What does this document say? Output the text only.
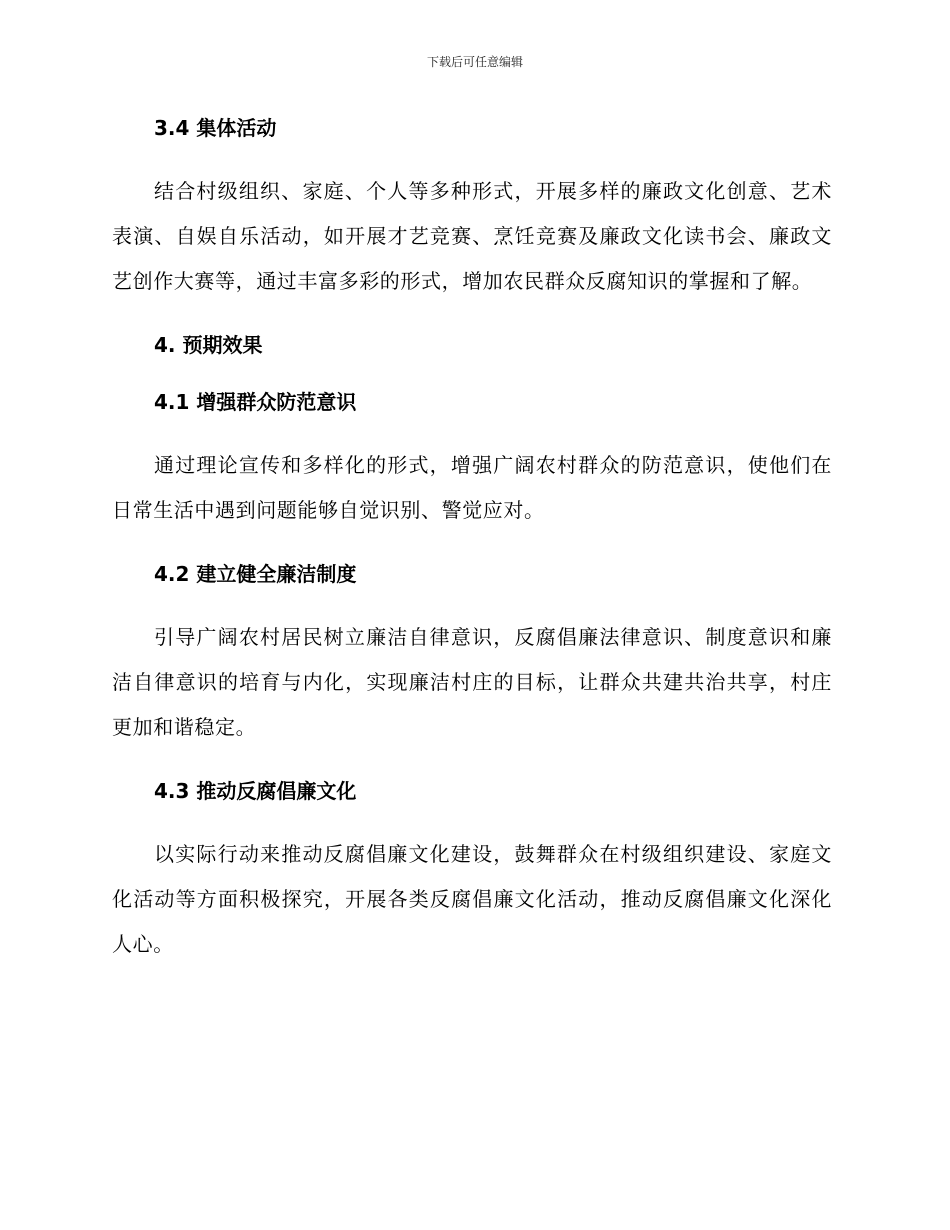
下载后可任意编辑
3.4 集体活动

结合村级组织、家庭、个人等多种形式，开展多样的廉政文化创意、艺术表演、自娱自乐活动，如开展才艺竞赛、烹饪竞赛及廉政文化读书会、廉政文艺创作大赛等，通过丰富多彩的形式，增加农民群众反腐知识的掌握和了解。

4. 预期效果
4.1 增强群众防范意识

通过理论宣传和多样化的形式，增强广阔农村群众的防范意识，使他们在日常生活中遇到问题能够自觉识别、警觉应对。

4.2 建立健全廉洁制度

引导广阔农村居民树立廉洁自律意识，反腐倡廉法律意识、制度意识和廉洁自律意识的培育与内化，实现廉洁村庄的目标，让群众共建共治共享，村庄更加和谐稳定。

4.3 推动反腐倡廉文化

以实际行动来推动反腐倡廉文化建设，鼓舞群众在村级组织建设、家庭文化活动等方面积极探究，开展各类反腐倡廉文化活动，推动反腐倡廉文化深化人心。
